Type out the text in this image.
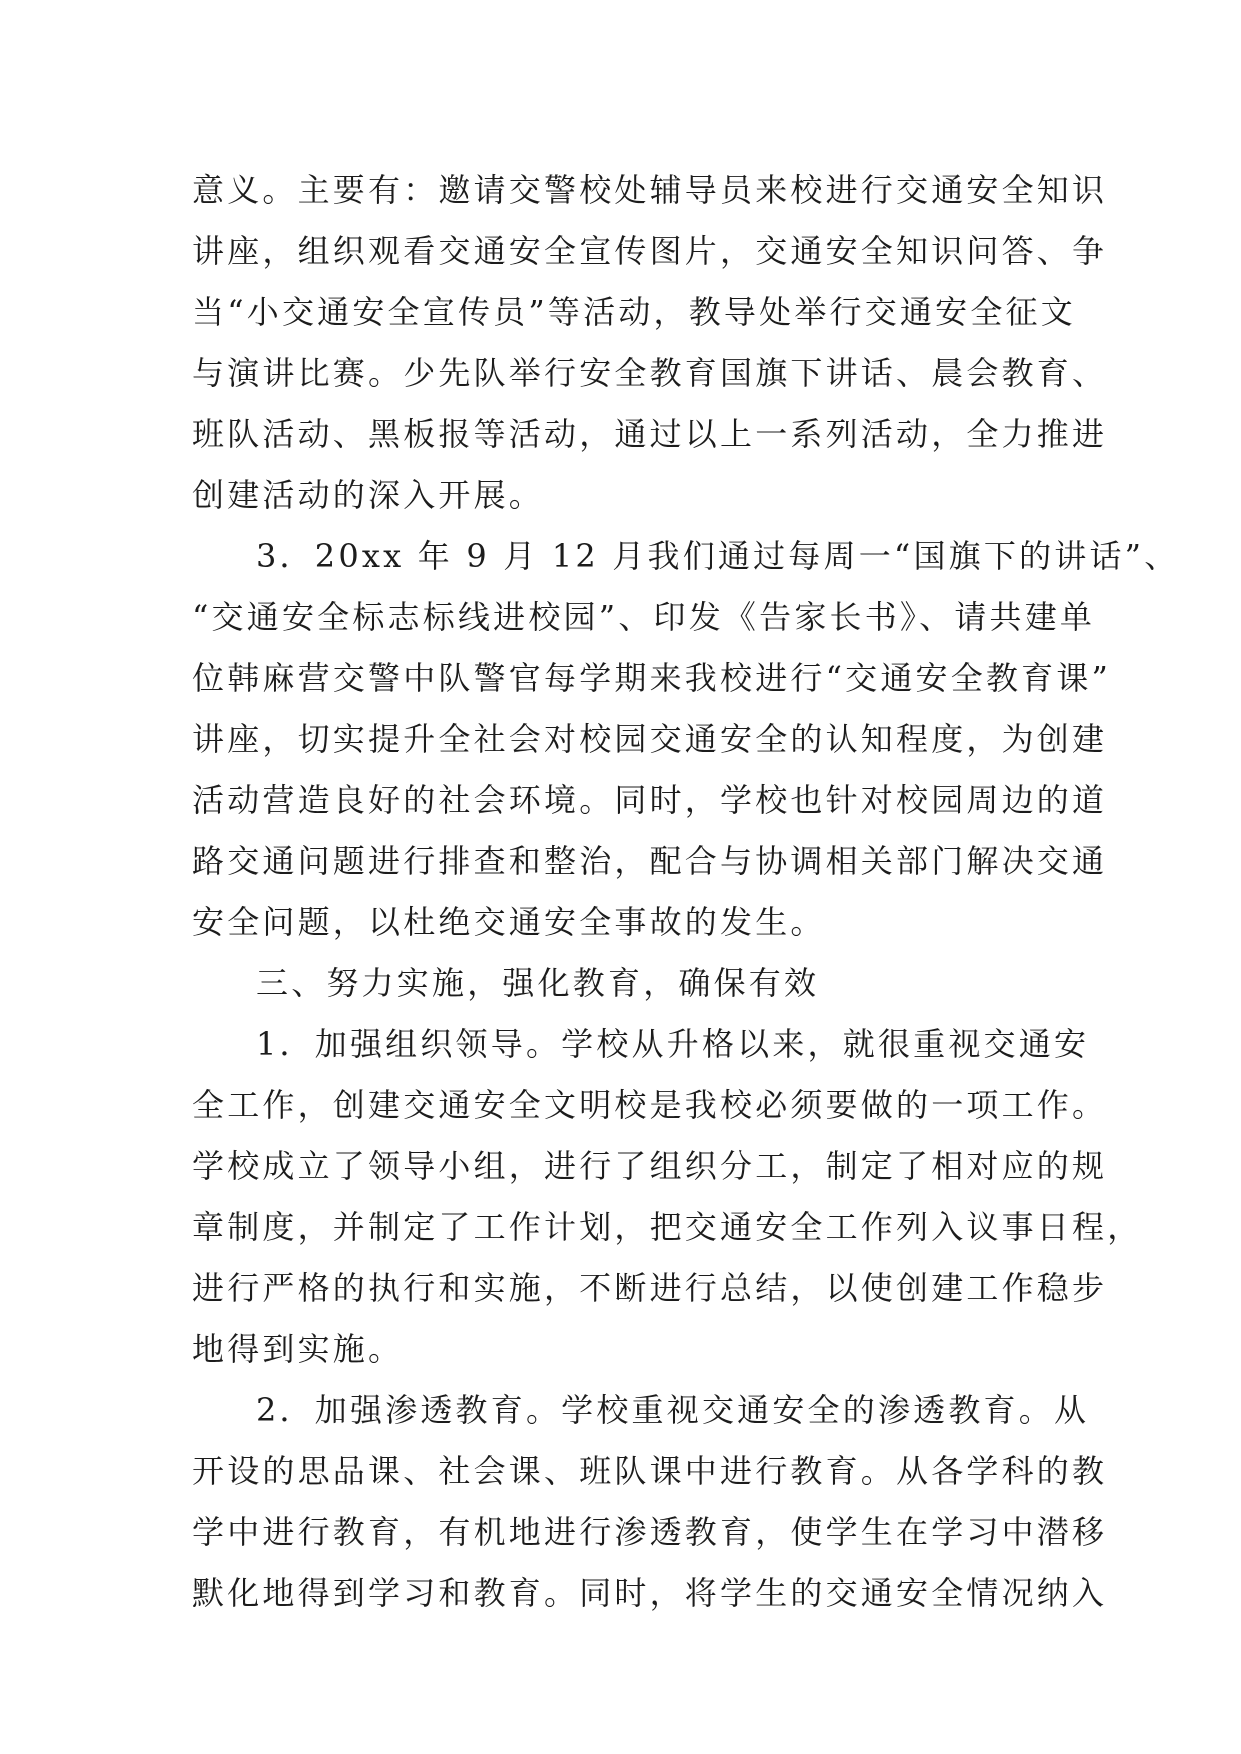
意义。主要有：邀请交警校处辅导员来校进行交通安全知识
讲座，组织观看交通安全宣传图片，交通安全知识问答、争
当“小交通安全宣传员”等活动，教导处举行交通安全征文
与演讲比赛。少先队举行安全教育国旗下讲话、晨会教育、
班队活动、黑板报等活动，通过以上一系列活动，全力推进
创建活动的深入开展。
3．20xx 年 9 月 12 月我们通过每周一“国旗下的讲话”、
“交通安全标志标线进校园”、印发《告家长书》、请共建单
位韩麻营交警中队警官每学期来我校进行“交通安全教育课”
讲座，切实提升全社会对校园交通安全的认知程度，为创建
活动营造良好的社会环境。同时，学校也针对校园周边的道
路交通问题进行排查和整治，配合与协调相关部门解决交通
安全问题，以杜绝交通安全事故的发生。
三、努力实施，强化教育，确保有效
1．加强组织领导。学校从升格以来，就很重视交通安
全工作，创建交通安全文明校是我校必须要做的一项工作。
学校成立了领导小组，进行了组织分工，制定了相对应的规
章制度，并制定了工作计划，把交通安全工作列入议事日程，
进行严格的执行和实施，不断进行总结，以使创建工作稳步
地得到实施。
2．加强渗透教育。学校重视交通安全的渗透教育。从
开设的思品课、社会课、班队课中进行教育。从各学科的教
学中进行教育，有机地进行渗透教育，使学生在学习中潜移
默化地得到学习和教育。同时，将学生的交通安全情况纳入
